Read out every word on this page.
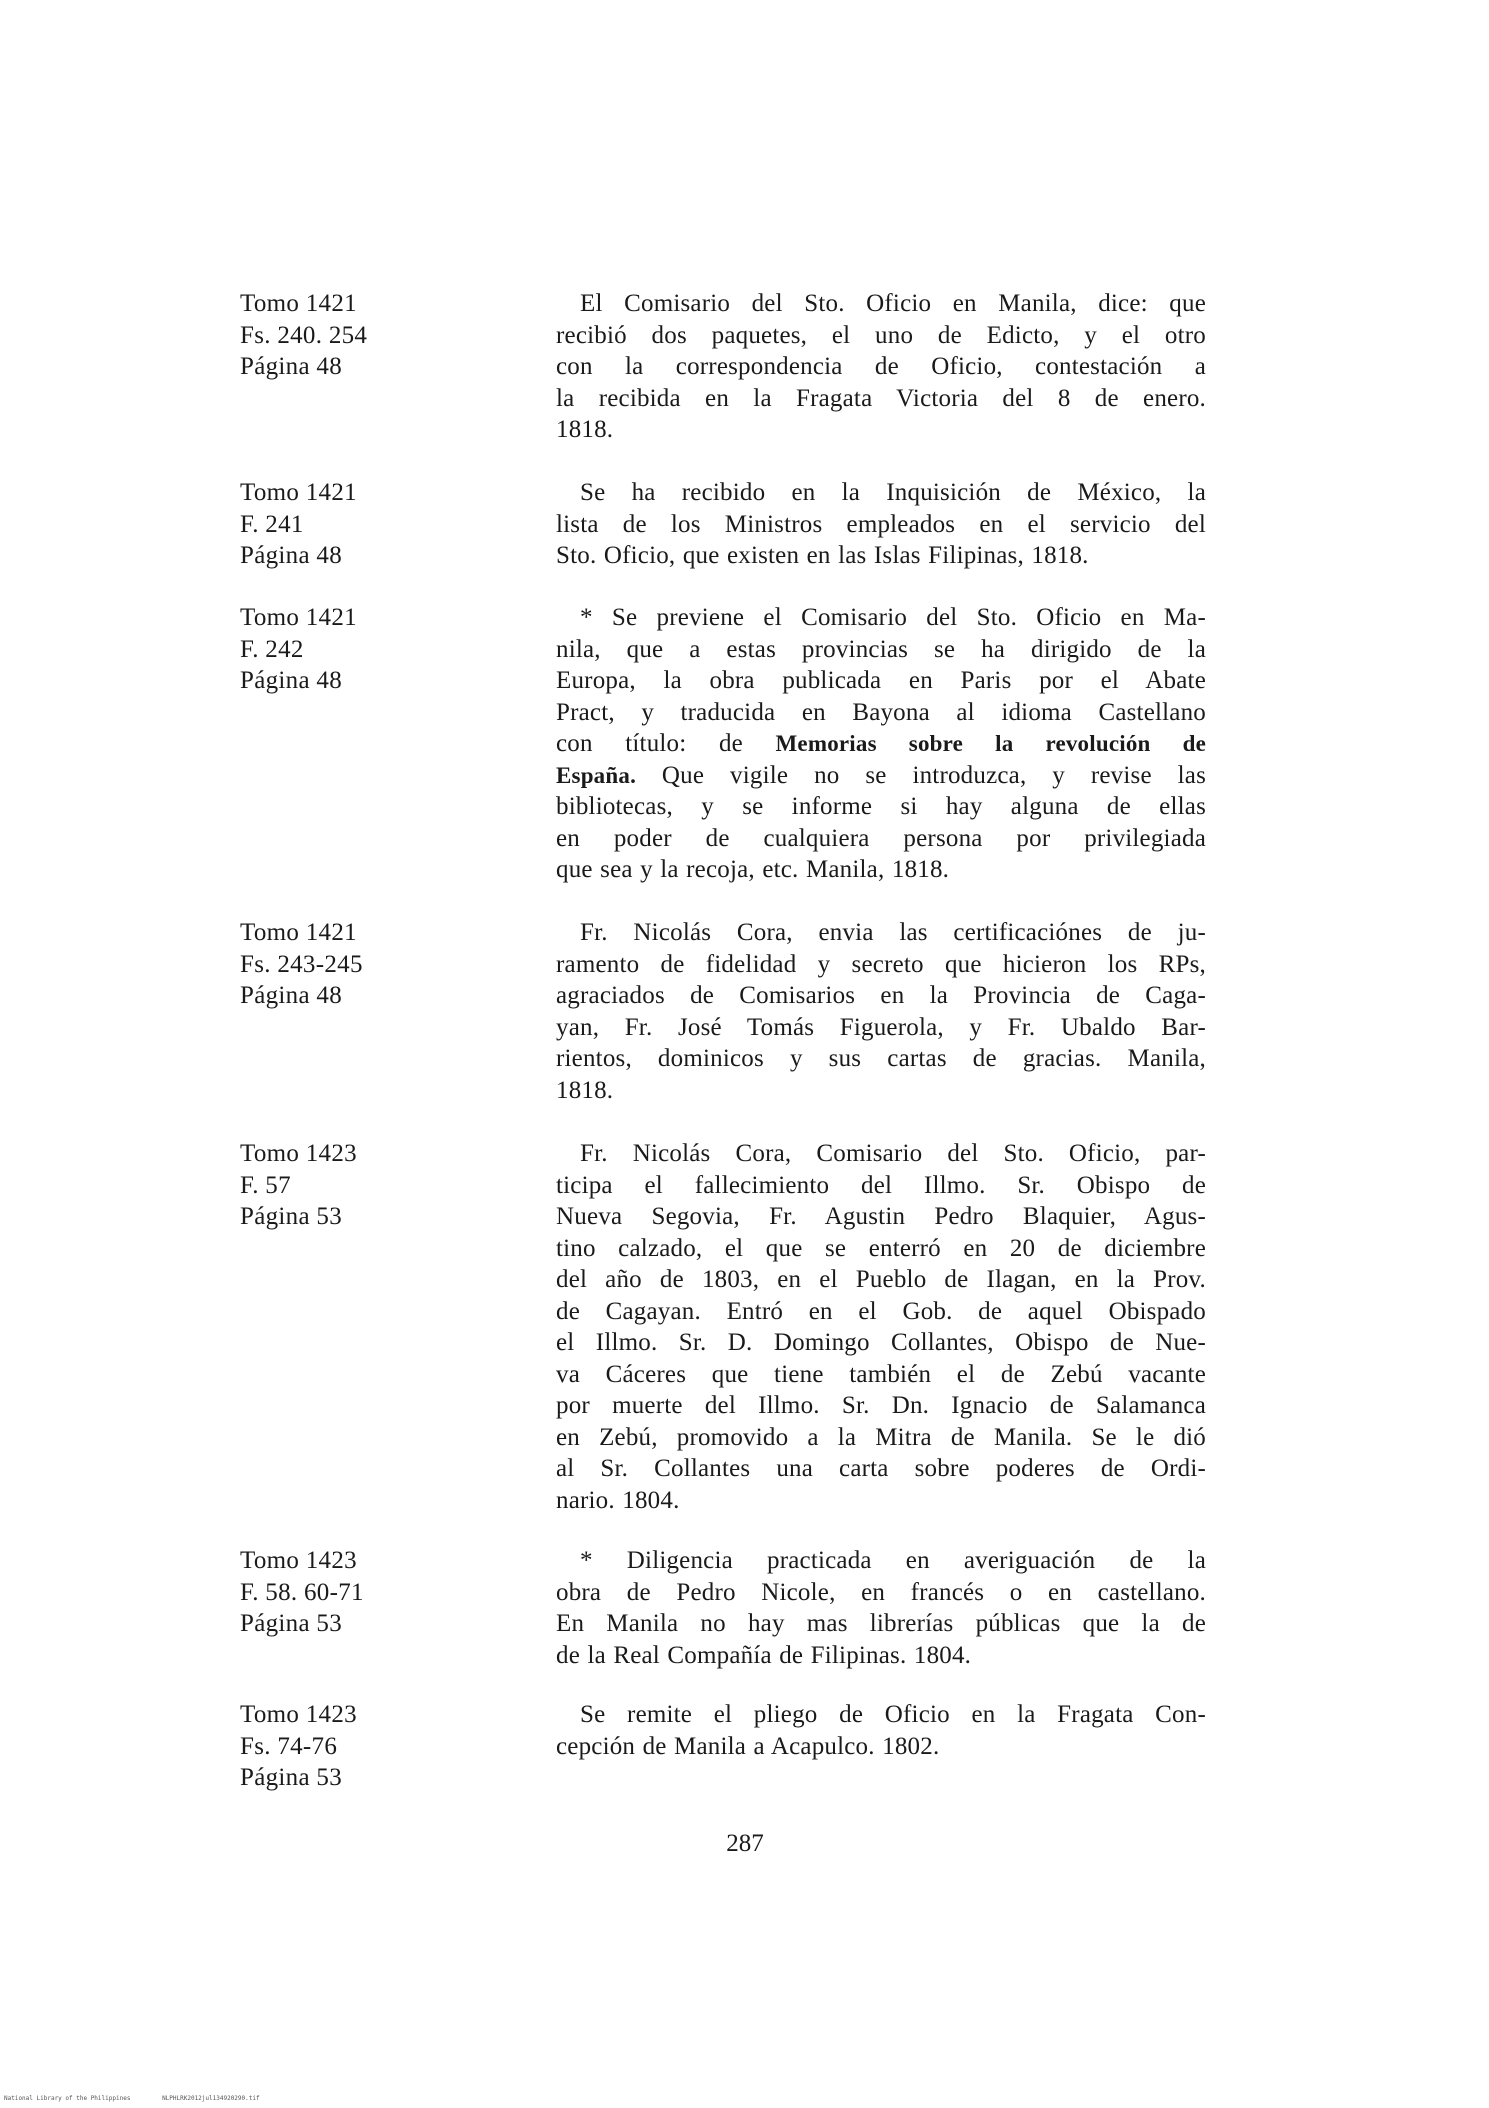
Tomo 1421
Fs. 240. 254
Página 48
El Comisario del Sto. Oficio en Manila, dice: que
recibió dos paquetes, el uno de Edicto, y el otro
con la correspondencia de Oficio, contestación a
la recibida en la Fragata Victoria del 8 de enero.
1818.
Tomo 1421
F. 241
Página 48
Se ha recibido en la Inquisición de México, la
lista de los Ministros empleados en el servicio del
Sto. Oficio, que existen en las Islas Filipinas, 1818.
Tomo 1421
F. 242
Página 48
* Se previene el Comisario del Sto. Oficio en Ma-
nila, que a estas provincias se ha dirigido de la
Europa, la obra publicada en Paris por el Abate
Pract, y traducida en Bayona al idioma Castellano
con título: de Memorias sobre la revolución de
España. Que vigile no se introduzca, y revise las
bibliotecas, y se informe si hay alguna de ellas
en poder de cualquiera persona por privilegiada
que sea y la recoja, etc. Manila, 1818.
Tomo 1421
Fs. 243-245
Página 48
Fr. Nicolás Cora, envia las certificaciónes de ju-
ramento de fidelidad y secreto que hicieron los RPs,
agraciados de Comisarios en la Provincia de Caga-
yan, Fr. José Tomás Figuerola, y Fr. Ubaldo Bar-
rientos, dominicos y sus cartas de gracias. Manila,
1818.
Tomo 1423
F. 57
Página 53
Fr. Nicolás Cora, Comisario del Sto. Oficio, par-
ticipa el fallecimiento del Illmo. Sr. Obispo de
Nueva Segovia, Fr. Agustin Pedro Blaquier, Agus-
tino calzado, el que se enterró en 20 de diciembre
del año de 1803, en el Pueblo de Ilagan, en la Prov.
de Cagayan. Entró en el Gob. de aquel Obispado
el Illmo. Sr. D. Domingo Collantes, Obispo de Nue-
va Cáceres que tiene también el de Zebú vacante
por muerte del Illmo. Sr. Dn. Ignacio de Salamanca
en Zebú, promovido a la Mitra de Manila. Se le dió
al Sr. Collantes una carta sobre poderes de Ordi-
nario. 1804.
Tomo 1423
F. 58. 60-71
Página 53
* Diligencia practicada en averiguación de la
obra de Pedro Nicole, en francés o en castellano.
En Manila no hay mas librerías públicas que la de
de la Real Compañía de Filipinas. 1804.
Tomo 1423
Fs. 74-76
Página 53
Se remite el pliego de Oficio en la Fragata Con-
cepción de Manila a Acapulco. 1802.
287
National Library of the Philippines	NLPHLRK2012jul134920290.tif
